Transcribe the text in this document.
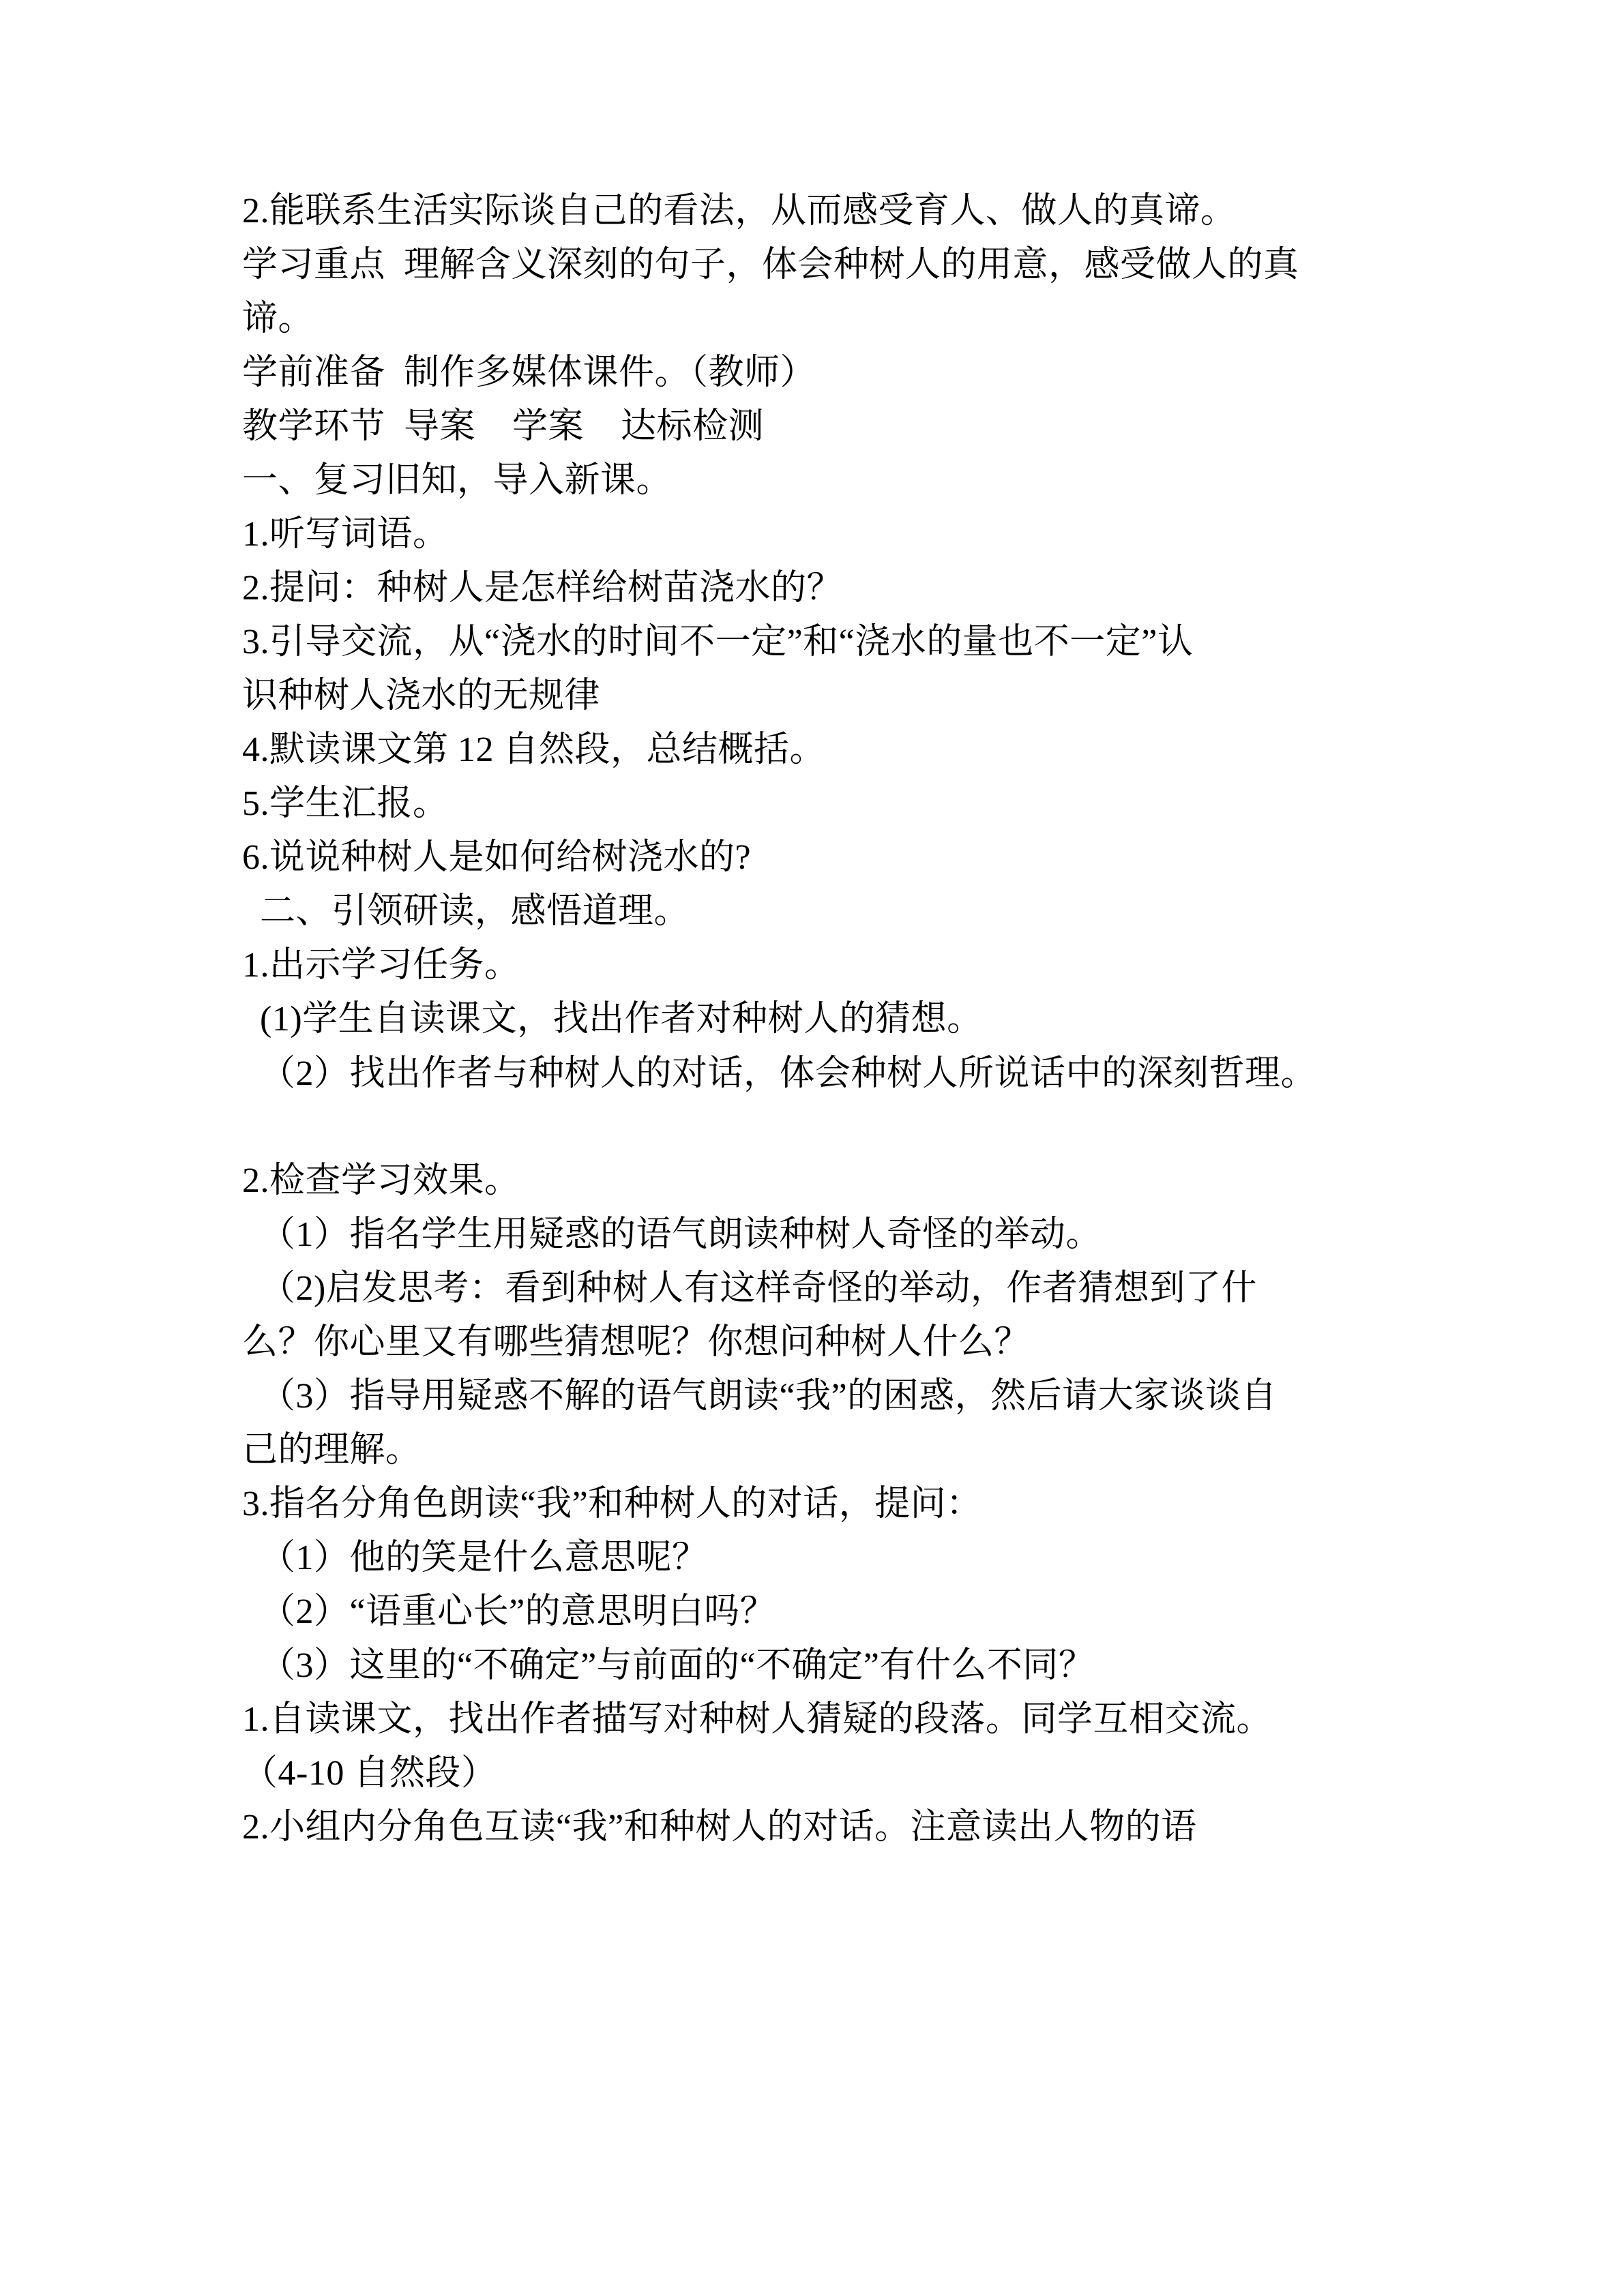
2.能联系生活实际谈自己的看法，从而感受育人、做人的真谛。
学习重点  理解含义深刻的句子，体会种树人的用意，感受做人的真
谛。
学前准备  制作多媒体课件。（教师）
教学环节  导案    学案    达标检测
一、复习旧知，导入新课。
1.听写词语。
2.提问：种树人是怎样给树苗浇水的？
3.引导交流，从“浇水的时间不一定”和“浇水的量也不一定”认
识种树人浇水的无规律
4.默读课文第 12 自然段，总结概括。
5.学生汇报。
6.说说种树人是如何给树浇水的?
二、引领研读，感悟道理。
1.出示学习任务。
(1)学生自读课文，找出作者对种树人的猜想。
（2）找出作者与种树人的对话，体会种树人所说话中的深刻哲理。
2.检查学习效果。
（1）指名学生用疑惑的语气朗读种树人奇怪的举动。
（2)启发思考：看到种树人有这样奇怪的举动，作者猜想到了什
么？你心里又有哪些猜想呢？你想问种树人什么？
（3）指导用疑惑不解的语气朗读“我”的困惑，然后请大家谈谈自
己的理解。
3.指名分角色朗读“我”和种树人的对话，提问：
（1）他的笑是什么意思呢？
（2）“语重心长”的意思明白吗？
（3）这里的“不确定”与前面的“不确定”有什么不同？
1.自读课文，找出作者描写对种树人猜疑的段落。同学互相交流。
（4-10 自然段）
2.小组内分角色互读“我”和种树人的对话。注意读出人物的语
